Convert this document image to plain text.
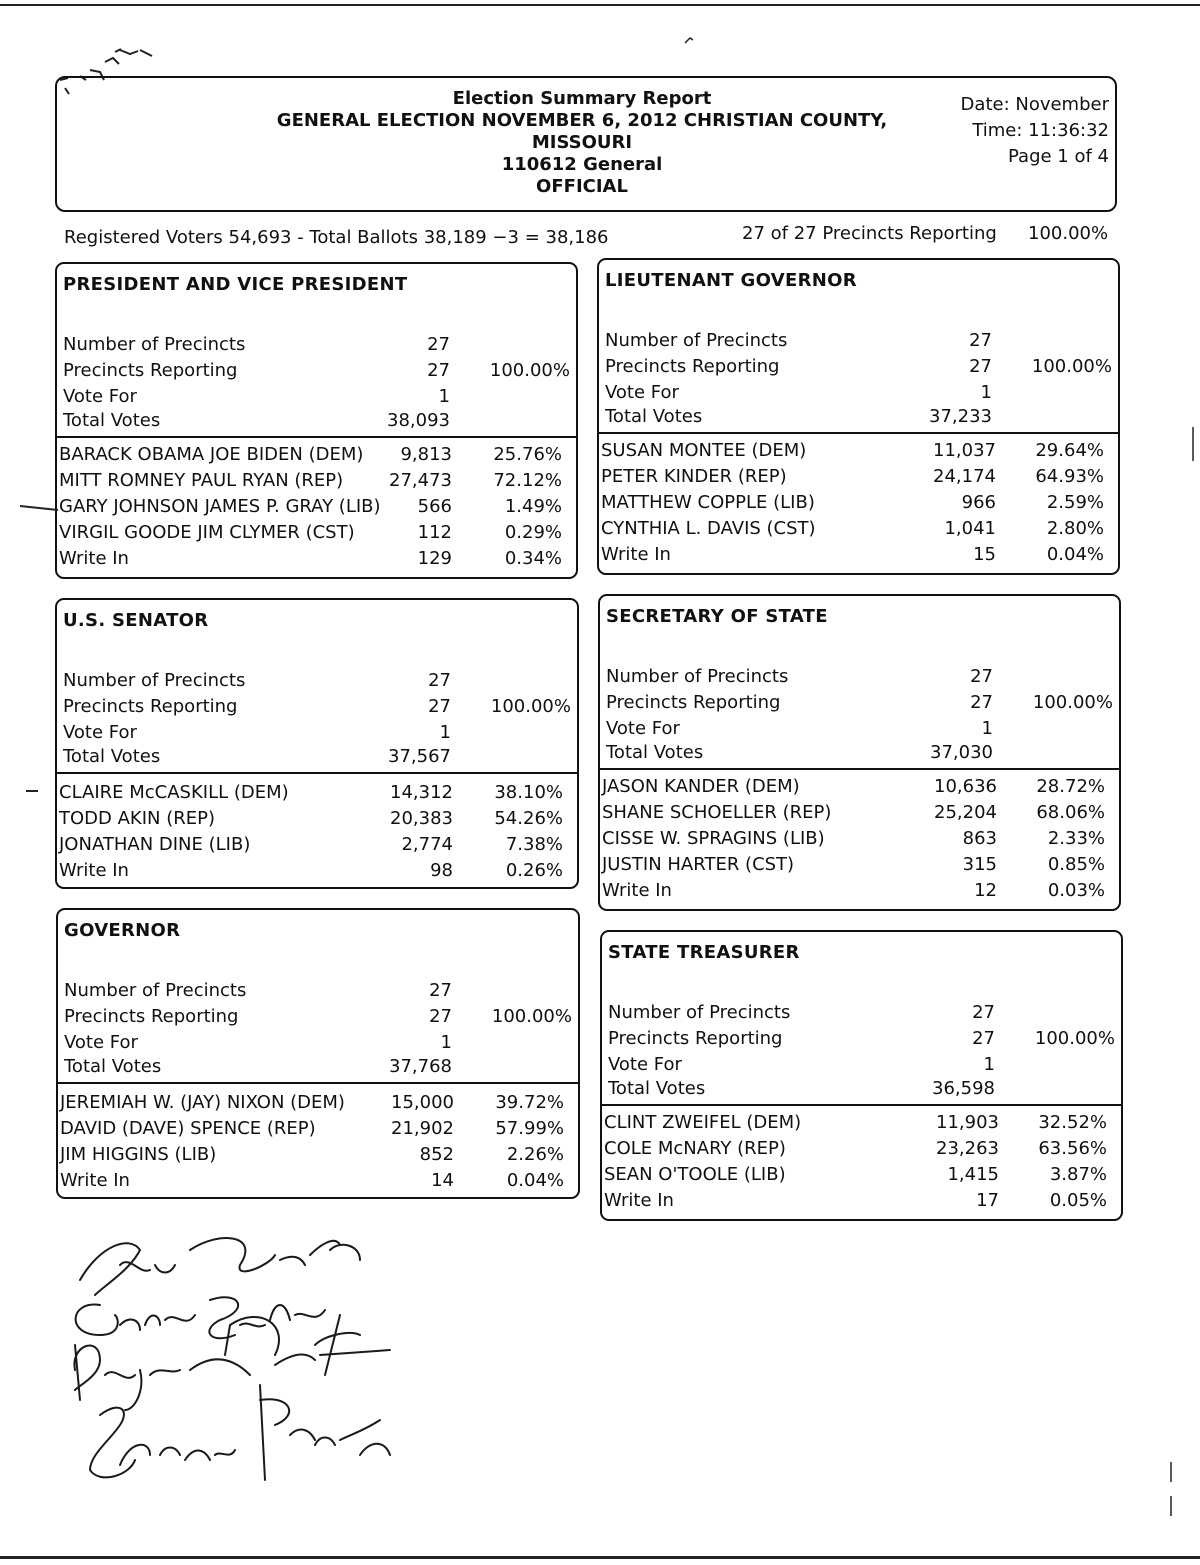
Election Summary Report
GENERAL ELECTION NOVEMBER 6, 2012 CHRISTIAN COUNTY,
MISSOURI
110612 General
OFFICIAL
Date: November
Time: 11:36:32
Page 1 of 4
Registered Voters 54,693 - Total Ballots 38,189 −3 = 38,186	27 of 27 Precincts Reporting 100.00%
PRESIDENT AND VICE PRESIDENT
Number of Precincts	27
Precincts Reporting	27 100.00%
Vote For	1
Total Votes	38,093
BARACK OBAMA JOE BIDEN (DEM) 9,813 25.76%
MITT ROMNEY PAUL RYAN (REP)	27,473 72.12%
GARY JOHNSON JAMES P. GRAY (LIB) 566	1.49%
VIRGIL GOODE JIM CLYMER (CST)	112	0.29%
Write In	129	0.34%
LIEUTENANT GOVERNOR
Number of Precincts	27
Precincts Reporting	27 100.00%
Vote For	1
Total Votes	37,233
SUSAN MONTEE (DEM)	11,037 29.64%
PETER KINDER (REP)	24,174 64.93%
MATTHEW COPPLE (LIB)	966	2.59%
CYNTHIA L. DAVIS (CST)	1,041	2.80%
Write In	15	0.04%
U.S. SENATOR
Number of Precincts	27
Precincts Reporting	27 100.00%
Vote For	1
Total Votes	37,567
CLAIRE McCASKILL (DEM)	14,312 38.10%
TODD AKIN (REP)	20,383 54.26%
JONATHAN DINE (LIB)	2,774	7.38%
Write In	98	0.26%
SECRETARY OF STATE
Number of Precincts	27
Precincts Reporting	27 100.00%
Vote For	1
Total Votes	37,030
JASON KANDER (DEM)	10,636 28.72%
SHANE SCHOELLER (REP)	25,204 68.06%
CISSE W. SPRAGINS (LIB)	863	2.33%
JUSTIN HARTER (CST)	315	0.85%
Write In	12	0.03%
GOVERNOR
Number of Precincts	27
Precincts Reporting	27 100.00%
Vote For	1
Total Votes	37,768
JEREMIAH W. (JAY) NIXON (DEM)	15,000 39.72%
DAVID (DAVE) SPENCE (REP)	21,902 57.99%
JIM HIGGINS (LIB)	852	2.26%
Write In	14	0.04%
STATE TREASURER
Number of Precincts	27
Precincts Reporting	27 100.00%
Vote For	1
Total Votes	36,598
CLINT ZWEIFEL (DEM)	11,903 32.52%
COLE McNARY (REP)	23,263 63.56%
SEAN O'TOOLE (LIB)	1,415	3.87%
Write In	17	0.05%
